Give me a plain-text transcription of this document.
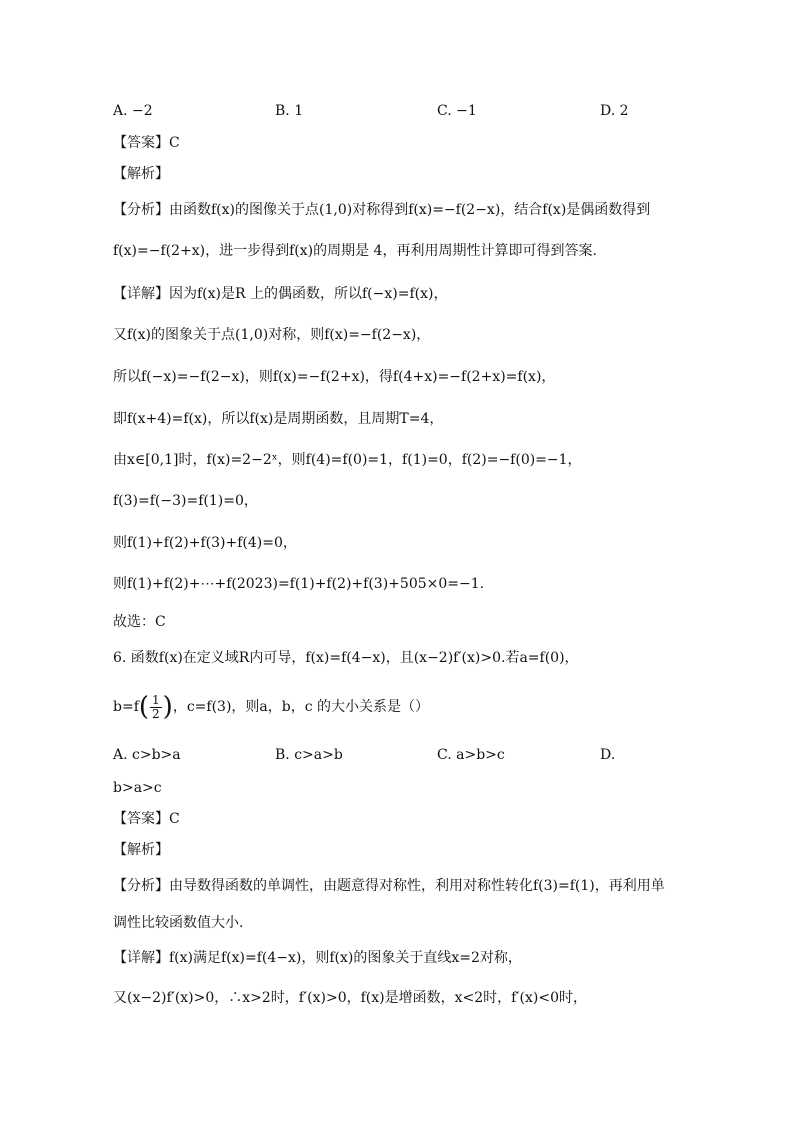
A. −2	B. 1	C. −1	D. 2
【答案】C
【解析】
【分析】由函数f(x)的图像关于点(1,0)对称得到f(x)=−f(2−x)，结合f(x)是偶函数得到
f(x)=−f(2+x)，进一步得到f(x)的周期是 4，再利用周期性计算即可得到答案.
【详解】因为f(x)是R 上的偶函数，所以f(−x)=f(x)，
又f(x)的图象关于点(1,0)对称，则f(x)=−f(2−x)，
所以f(−x)=−f(2−x)，则f(x)=−f(2+x)，得f(4+x)=−f(2+x)=f(x)，
即f(x+4)=f(x)，所以f(x)是周期函数，且周期T=4，
由x∈[0,1]时，f(x)=2−2ˣ，则f(4)=f(0)=1，f(1)=0，f(2)=−f(0)=−1，
f(3)=f(−3)=f(1)=0，
则f(1)+f(2)+f(3)+f(4)=0，
则f(1)+f(2)+⋯+f(2023)=f(1)+f(2)+f(3)+505×0=−1.
故选：C
6. 函数f(x)在定义域R内可导，f(x)=f(4−x)，且(x−2)f′(x)>0.若a=f(0)，
$b=f( \frac{1}{2}$ )，c=f(3)，则a，b，c 的大小关系是（）
A. c>b>a	B. c>a>b	C. a>b>c	D.
b>a>c
【答案】C
【解析】
【分析】由导数得函数的单调性，由题意得对称性，利用对称性转化f(3)=f(1)，再利用单
调性比较函数值大小.
【详解】f(x)满足f(x)=f(4−x)，则f(x)的图象关于直线x=2对称，
又(x−2)f′(x)>0，∴x>2时，f′(x)>0，f(x)是增函数，x<2时，f′(x)<0时，
